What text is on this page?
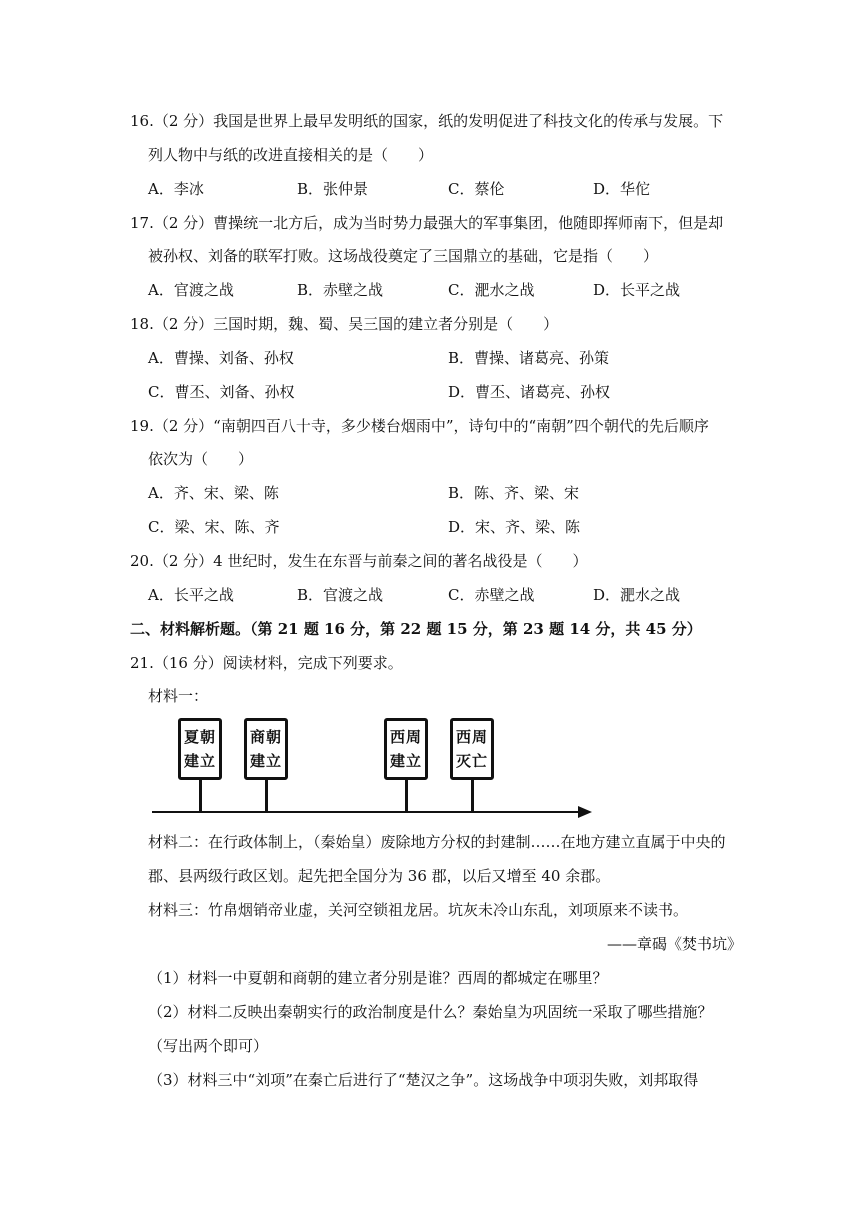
16.（2 分）我国是世界上最早发明纸的国家，纸的发明促进了科技文化的传承与发展。下
列人物中与纸的改进直接相关的是（　　）
A．李冰	B．张仲景	C．蔡伦	D．华佗
17.（2 分）曹操统一北方后，成为当时势力最强大的军事集团，他随即挥师南下，但是却
被孙权、刘备的联军打败。这场战役奠定了三国鼎立的基础，它是指（　　）
A．官渡之战	B．赤壁之战	C．淝水之战	D．长平之战
18.（2 分）三国时期，魏、蜀、吴三国的建立者分别是（　　）
A．曹操、刘备、孙权	B．曹操、诸葛亮、孙策
C．曹丕、刘备、孙权	D．曹丕、诸葛亮、孙权
19.（2 分）“南朝四百八十寺，多少楼台烟雨中”，诗句中的“南朝”四个朝代的先后顺序
依次为（　　）
A．齐、宋、梁、陈	B．陈、齐、梁、宋
C．梁、宋、陈、齐	D．宋、齐、梁、陈
20.（2 分）4 世纪时，发生在东晋与前秦之间的著名战役是（　　）
A．长平之战	B．官渡之战	C．赤壁之战	D．淝水之战
二、材料解析题。（第 21 题 16 分，第 22 题 15 分，第 23 题 14 分，共 45 分）
21.（16 分）阅读材料，完成下列要求。
材料一：
夏朝
建立
商朝
建立
西周
建立
西周
灭亡
材料二：在行政体制上，（秦始皇）废除地方分权的封建制……在地方建立直属于中央的
郡、县两级行政区划。起先把全国分为 36 郡，以后又增至 40 余郡。
材料三：竹帛烟销帝业虚，关河空锁祖龙居。坑灰未冷山东乱，刘项原来不读书。
——章碣《焚书坑》
（1）材料一中夏朝和商朝的建立者分别是谁？西周的都城定在哪里？
（2）材料二反映出秦朝实行的政治制度是什么？秦始皇为巩固统一采取了哪些措施？
（写出两个即可）
（3）材料三中“刘项”在秦亡后进行了“楚汉之争”。这场战争中项羽失败，刘邦取得
